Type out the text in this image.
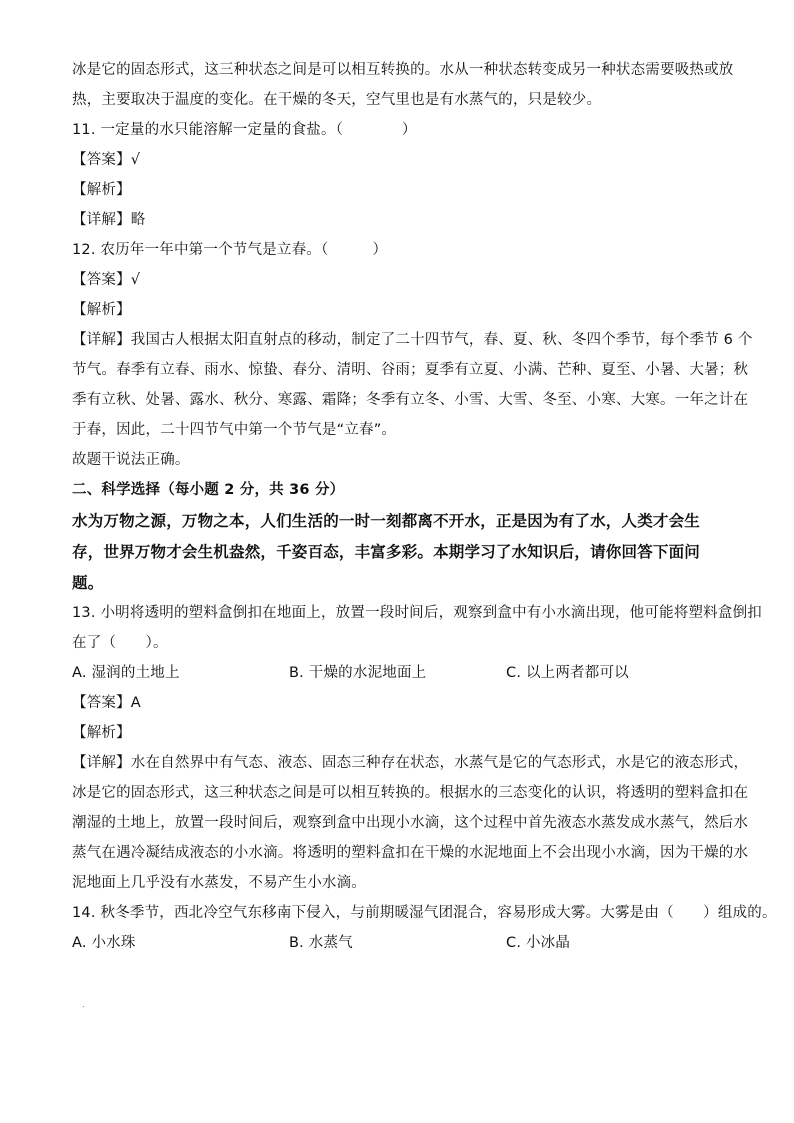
冰是它的固态形式，这三种状态之间是可以相互转换的。水从一种状态转变成另一种状态需要吸热或放
热，主要取决于温度的变化。在干燥的冬天，空气里也是有水蒸气的，只是较少。
11. 一定量的水只能溶解一定量的食盐。（　　　　）
【答案】√
【解析】
【详解】略
12. 农历年一年中第一个节气是立春。（　　　）
【答案】√
【解析】
【详解】我国古人根据太阳直射点的移动，制定了二十四节气，春、夏、秋、冬四个季节，每个季节 6 个
节气。春季有立春、雨水、惊蛰、春分、清明、谷雨；夏季有立夏、小满、芒种、夏至、小暑、大暑；秋
季有立秋、处暑、露水、秋分、寒露、霜降；冬季有立冬、小雪、大雪、冬至、小寒、大寒。一年之计在
于春，因此，二十四节气中第一个节气是“立春”。
故题干说法正确。
二、科学选择（每小题 2 分，共 36 分）
水为万物之源，万物之本，人们生活的一时一刻都离不开水，正是因为有了水，人类才会生
存，世界万物才会生机盎然，千姿百态，丰富多彩。本期学习了水知识后，请你回答下面问
题。
13. 小明将透明的塑料盒倒扣在地面上，放置一段时间后，观察到盒中有小水滴出现，他可能将塑料盒倒扣
在了（　　）。
A. 湿润的土地上	B. 干燥的水泥地面上	C. 以上两者都可以
【答案】A
【解析】
【详解】水在自然界中有气态、液态、固态三种存在状态，水蒸气是它的气态形式，水是它的液态形式，
冰是它的固态形式，这三种状态之间是可以相互转换的。根据水的三态变化的认识，将透明的塑料盒扣在
潮湿的土地上，放置一段时间后，观察到盒中出现小水滴，这个过程中首先液态水蒸发成水蒸气，然后水
蒸气在遇冷凝结成液态的小水滴。将透明的塑料盒扣在干燥的水泥地面上不会出现小水滴，因为干燥的水
泥地面上几乎没有水蒸发，不易产生小水滴。
14. 秋冬季节，西北冷空气东移南下侵入，与前期暖湿气团混合，容易形成大雾。大雾是由（　　）组成的。
A. 小水珠	B. 水蒸气	C. 小冰晶
.
